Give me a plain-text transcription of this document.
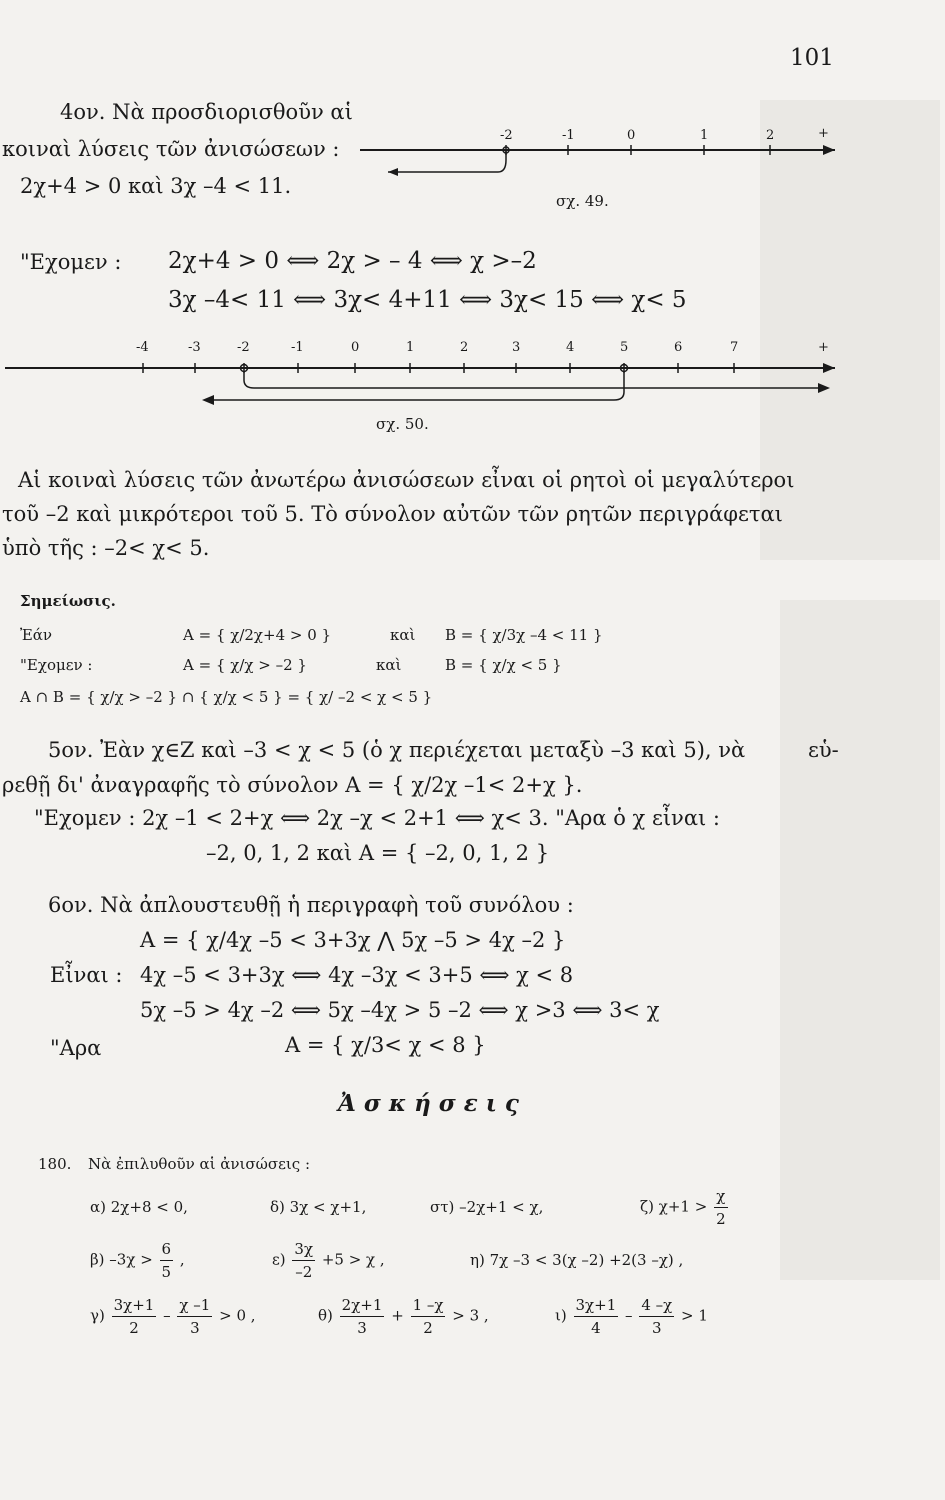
101
4ον. Νὰ προσδιορισθοῦν αἱ
κοιναὶ λύσεις τῶν ἀνισώσεων :
2χ+4 > 0 καὶ 3χ –4 < 11.
-2	-1	0	1	2	+
σχ. 49.
"Εχομεν : 2χ+4 > 0 ⟺ 2χ > – 4 ⟺ χ >–2
3χ –4< 11 ⟺ 3χ< 4+11 ⟺ 3χ< 15 ⟺ χ< 5
-4	-3	-2	-1	0	1	2	3	4	5	6	7	+
σχ. 50.
Αἱ κοιναὶ λύσεις τῶν ἀνωτέρω ἀνισώσεων εἶναι οἱ ρητοὶ οἱ μεγαλύτεροι
τοῦ –2 καὶ μικρότεροι τοῦ 5. Τὸ σύνολον αὐτῶν τῶν ρητῶν περιγράφεται
ὑπὸ τῆς : –2< χ< 5.
Σημείωσις.
Ἐάν	A = { χ/2χ+4 > 0 }	καὶ B = { χ/3χ –4 < 11 }
"Εχομεν :	A = { χ/χ > –2 }	καὶ	B = { χ/χ < 5 }
A ∩ B = { χ/χ > –2 } ∩ { χ/χ < 5 } = { χ/ –2 < χ < 5 }
5ον. Ἐὰν χ∈Z καὶ –3 < χ < 5 (ὁ χ περιέχεται μεταξὺ –3 καὶ 5), νὰ	εὑ-
ρεθῇ δι' ἀναγραφῆς τὸ σύνολον A = { χ/2χ –1< 2+χ }.
"Εχομεν : 2χ –1 < 2+χ ⟺ 2χ –χ < 2+1 ⟺ χ< 3. "Αρα ὁ χ εἶναι :
–2, 0, 1, 2 καὶ A = { –2, 0, 1, 2 }
6ον. Νὰ ἀπλουστευθῇ ἡ περιγραφὴ τοῦ συνόλου :
A = { χ/4χ –5 < 3+3χ ⋀ 5χ –5 > 4χ –2 }
Εἶναι : 4χ –5 < 3+3χ ⟺ 4χ –3χ < 3+5 ⟺ χ < 8
5χ –5 > 4χ –2 ⟺ 5χ –4χ > 5 –2 ⟺ χ >3 ⟺ 3< χ
"Αρα	A = { χ/3< χ < 8 }
Ἀ σ κ ή σ ε ι ς
180. Νὰ ἐπιλυθοῦν αἱ ἀνισώσεις :
α) 2χ+8 < 0,	δ) 3χ < χ+1,	στ) –2χ+1 < χ,	ζ) $\chi+1 > \frac{\chi}{2}$
β) $-3\chi > \frac{6}{5}$ ,	$\varepsilon) \frac{3\chi}{-2} +5 > \chi$ ,	η) 7χ –3 < 3(χ –2) +2(3 –χ) ,
$\gamma) \frac{3\chi+1}{2} - \frac{\chi -1}{3} > 0$ ,	$\theta) \frac{2\chi+1}{3} + \frac{1 -\chi}{2} > 3$ ,	$\iota) \frac{3\chi+1}{4} - \frac{4 -\chi}{3} > 1$
